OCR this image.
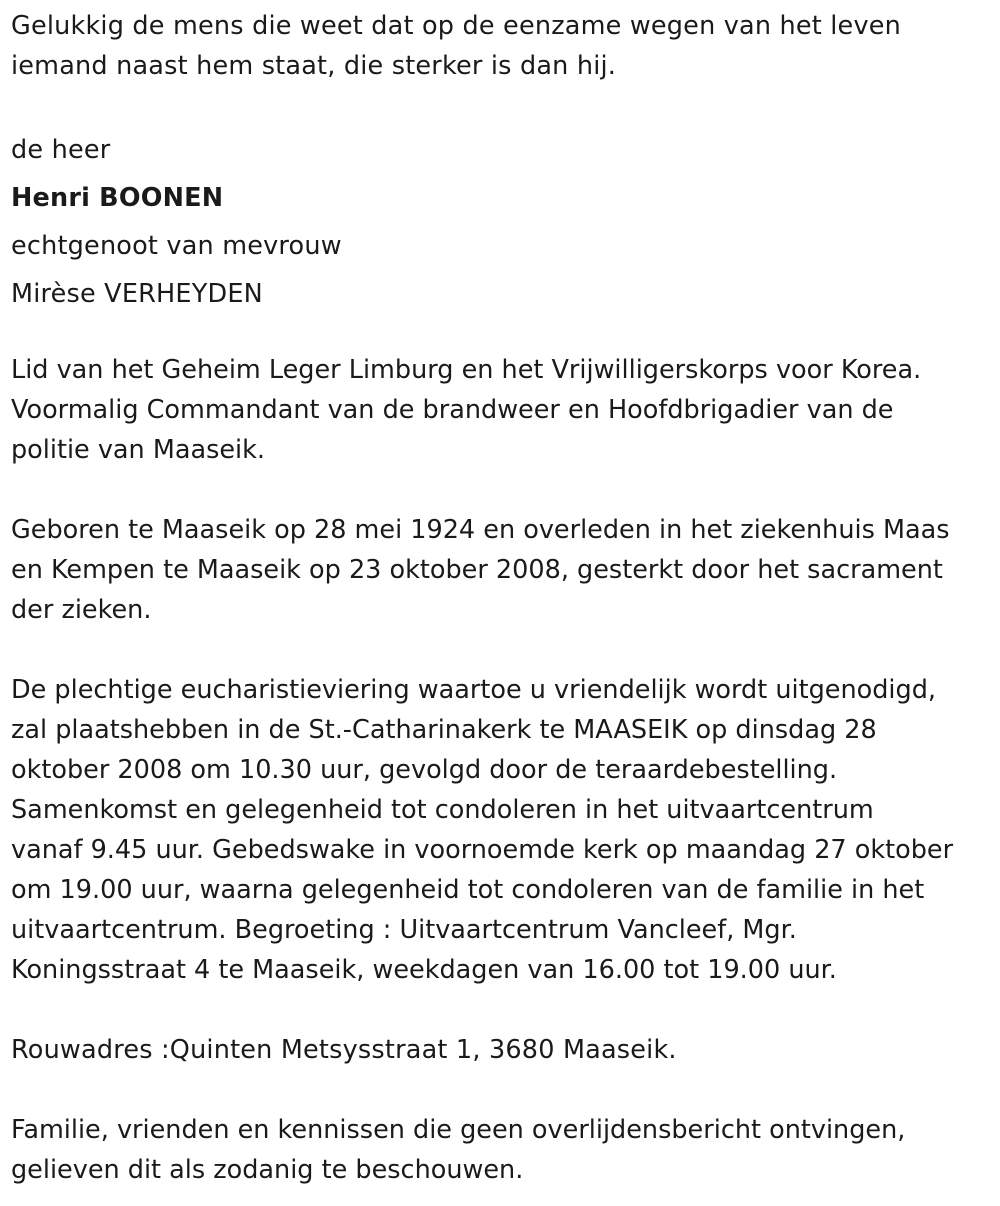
Gelukkig de mens die weet dat op de eenzame wegen van het leven
iemand naast hem staat, die sterker is dan hij.
de heer
Henri BOONEN
echtgenoot van mevrouw
Mirèse VERHEYDEN
Lid van het Geheim Leger Limburg en het Vrijwilligerskorps voor Korea.
Voormalig Commandant van de brandweer en Hoofdbrigadier van de
politie van Maaseik.
Geboren te Maaseik op 28 mei 1924 en overleden in het ziekenhuis Maas
en Kempen te Maaseik op 23 oktober 2008, gesterkt door het sacrament
der zieken.
De plechtige eucharistieviering waartoe u vriendelijk wordt uitgenodigd,
zal plaatshebben in de St.-Catharinakerk te MAASEIK op dinsdag 28
oktober 2008 om 10.30 uur, gevolgd door de teraardebestelling.
Samenkomst en gelegenheid tot condoleren in het uitvaartcentrum
vanaf 9.45 uur. Gebedswake in voornoemde kerk op maandag 27 oktober
om 19.00 uur, waarna gelegenheid tot condoleren van de familie in het
uitvaartcentrum. Begroeting : Uitvaartcentrum Vancleef, Mgr.
Koningsstraat 4 te Maaseik, weekdagen van 16.00 tot 19.00 uur.
Rouwadres :Quinten Metsysstraat 1, 3680 Maaseik.
Familie, vrienden en kennissen die geen overlijdensbericht ontvingen,
gelieven dit als zodanig te beschouwen.
